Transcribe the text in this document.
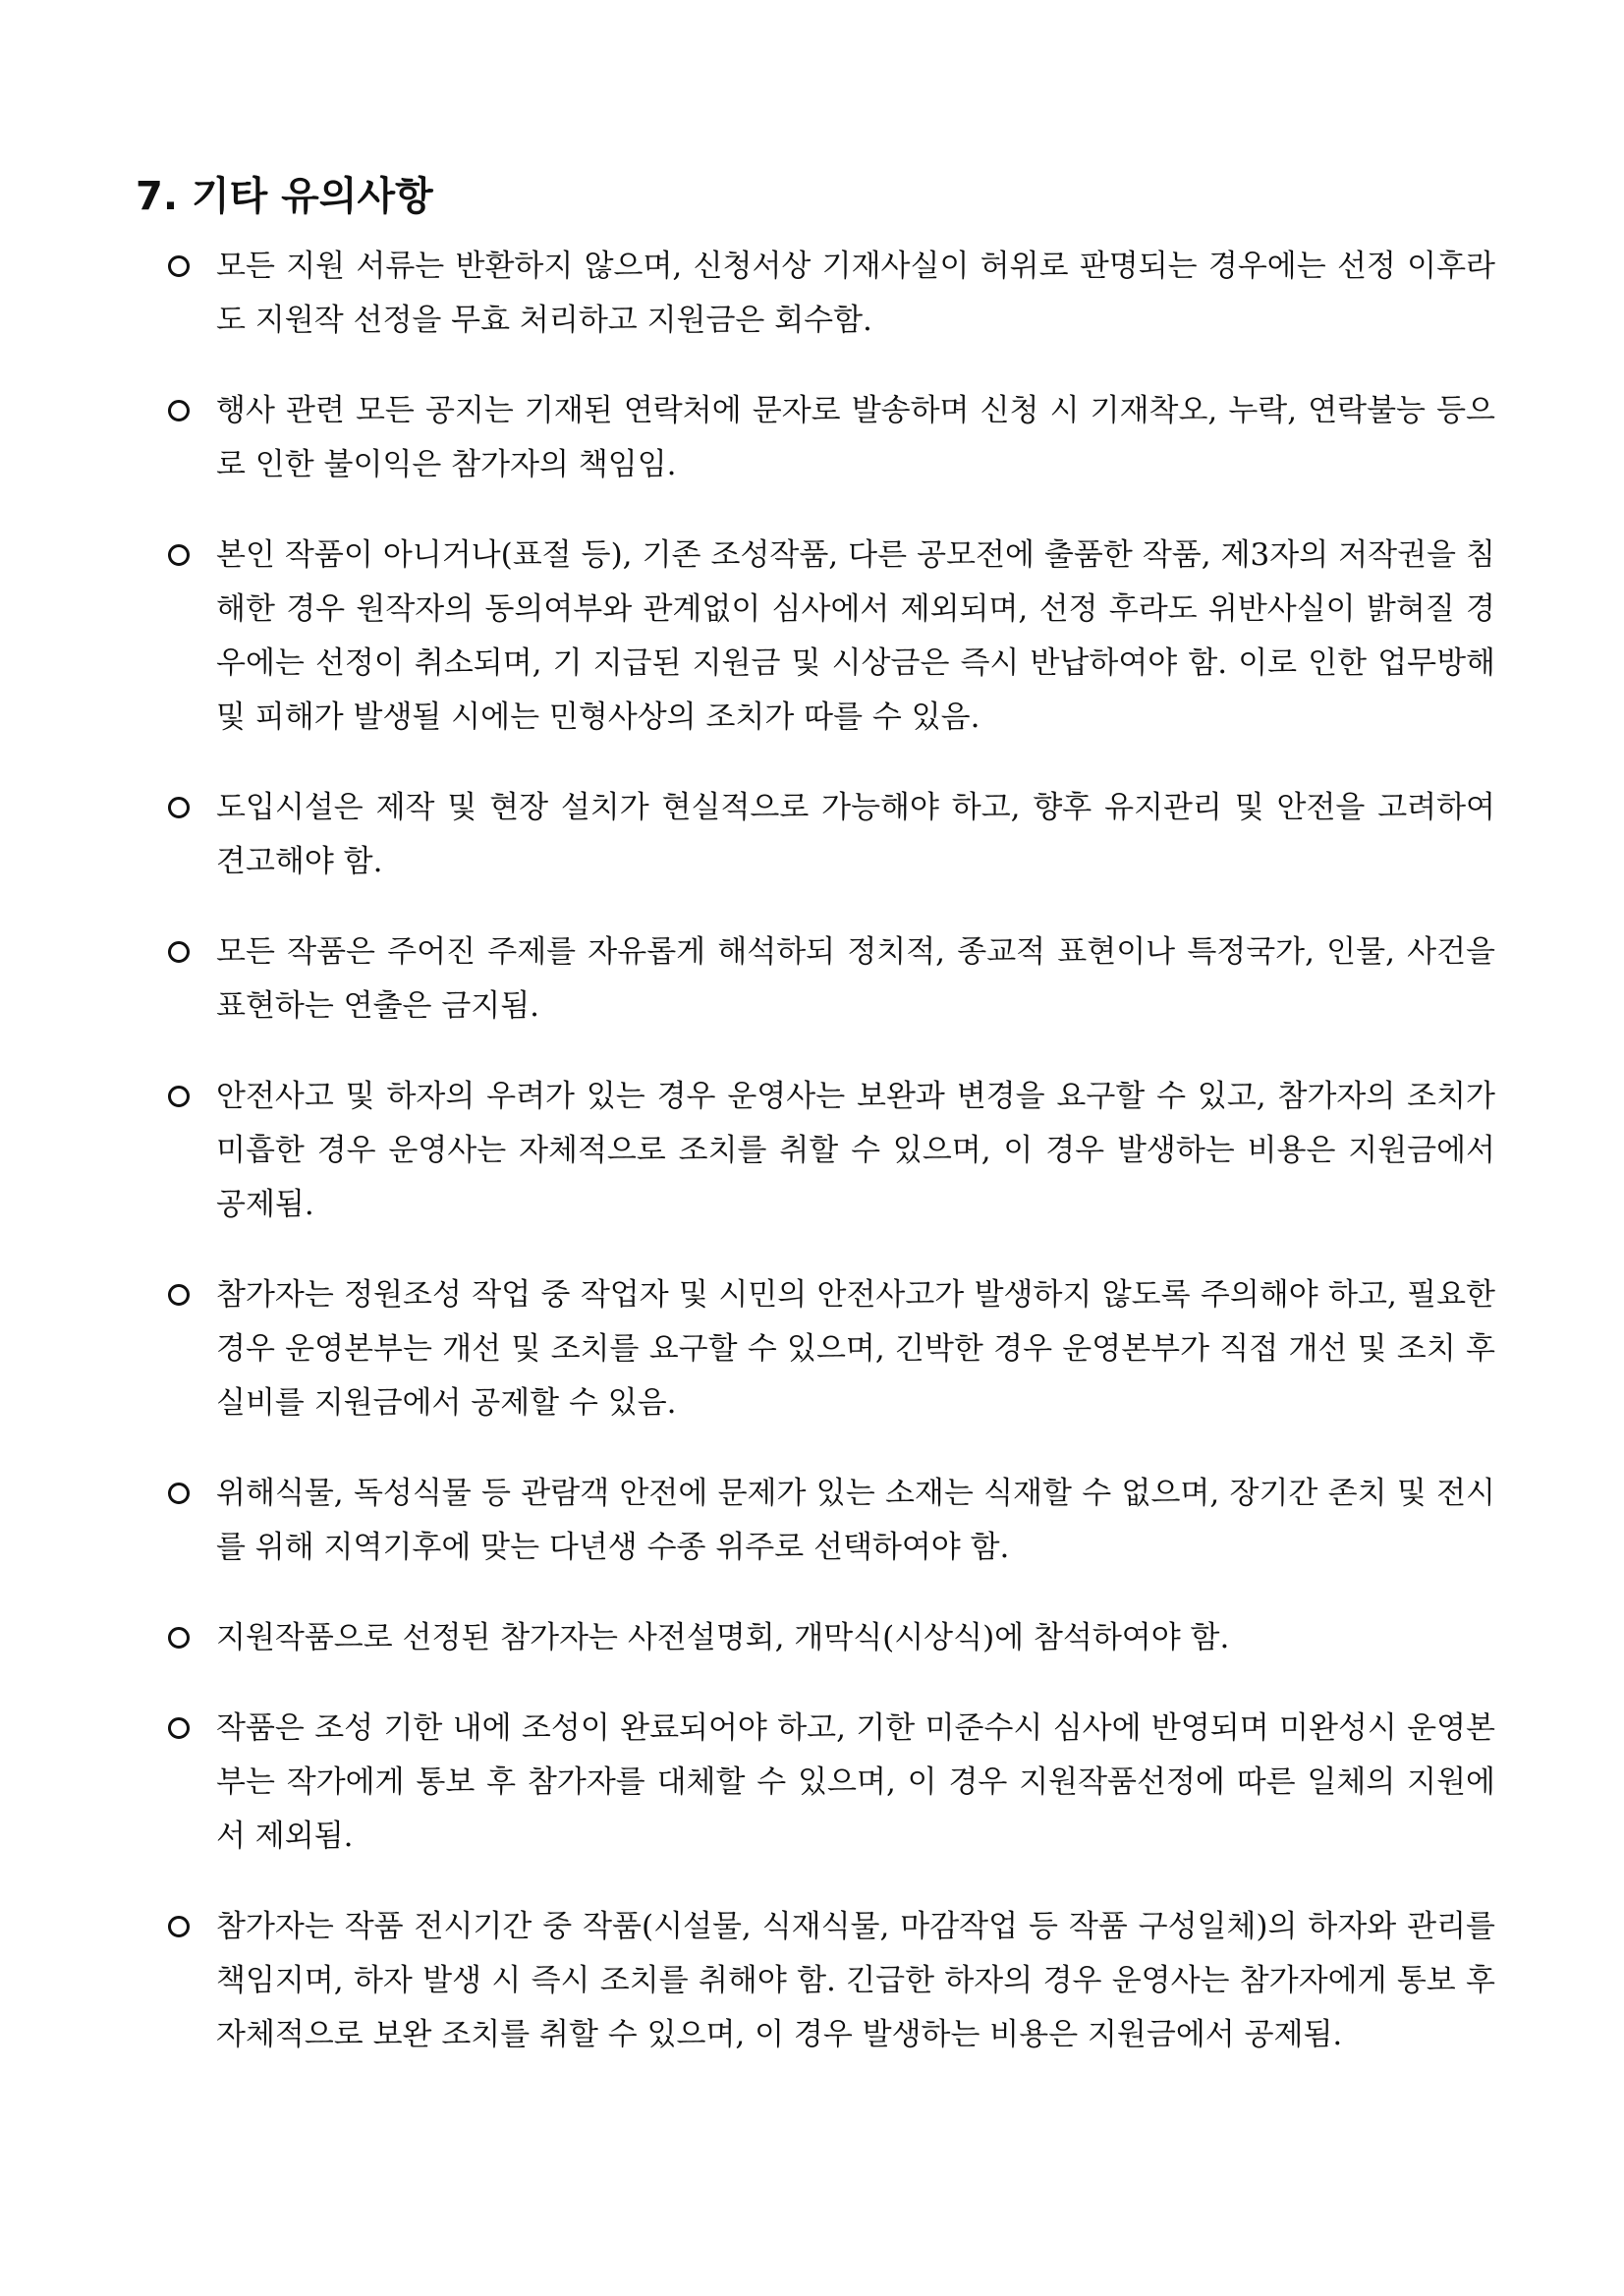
7. 기타 유의사항
모든 지원 서류는 반환하지 않으며, 신청서상 기재사실이 허위로 판명되는 경우에는 선정 이후라도 지원작 선정을 무효 처리하고 지원금은 회수함.
행사 관련 모든 공지는 기재된 연락처에 문자로 발송하며 신청 시 기재착오, 누락, 연락불능 등으로 인한 불이익은 참가자의 책임임.
본인 작품이 아니거나(표절 등), 기존 조성작품, 다른 공모전에 출품한 작품, 제3자의 저작권을 침해한 경우 원작자의 동의여부와 관계없이 심사에서 제외되며, 선정 후라도 위반사실이 밝혀질 경우에는 선정이 취소되며, 기 지급된 지원금 및 시상금은 즉시 반납하여야 함. 이로 인한 업무방해 및 피해가 발생될 시에는 민형사상의 조치가 따를 수 있음.
도입시설은 제작 및 현장 설치가 현실적으로 가능해야 하고, 향후 유지관리 및 안전을 고려하여 견고해야 함.
모든 작품은 주어진 주제를 자유롭게 해석하되 정치적, 종교적 표현이나 특정국가, 인물, 사건을 표현하는 연출은 금지됨.
안전사고 및 하자의 우려가 있는 경우 운영사는 보완과 변경을 요구할 수 있고, 참가자의 조치가 미흡한 경우 운영사는 자체적으로 조치를 취할 수 있으며, 이 경우 발생하는 비용은 지원금에서 공제됨.
참가자는 정원조성 작업 중 작업자 및 시민의 안전사고가 발생하지 않도록 주의해야 하고, 필요한 경우 운영본부는 개선 및 조치를 요구할 수 있으며, 긴박한 경우 운영본부가 직접 개선 및 조치 후 실비를 지원금에서 공제할 수 있음.
위해식물, 독성식물 등 관람객 안전에 문제가 있는 소재는 식재할 수 없으며, 장기간 존치 및 전시를 위해 지역기후에 맞는 다년생 수종 위주로 선택하여야 함.
지원작품으로 선정된 참가자는 사전설명회, 개막식(시상식)에 참석하여야 함.
작품은 조성 기한 내에 조성이 완료되어야 하고, 기한 미준수시 심사에 반영되며 미완성시 운영본부는 작가에게 통보 후 참가자를 대체할 수 있으며, 이 경우 지원작품선정에 따른 일체의 지원에서 제외됨.
참가자는 작품 전시기간 중 작품(시설물, 식재식물, 마감작업 등 작품 구성일체)의 하자와 관리를 책임지며, 하자 발생 시 즉시 조치를 취해야 함. 긴급한 하자의 경우 운영사는 참가자에게 통보 후 자체적으로 보완 조치를 취할 수 있으며, 이 경우 발생하는 비용은 지원금에서 공제됨.
